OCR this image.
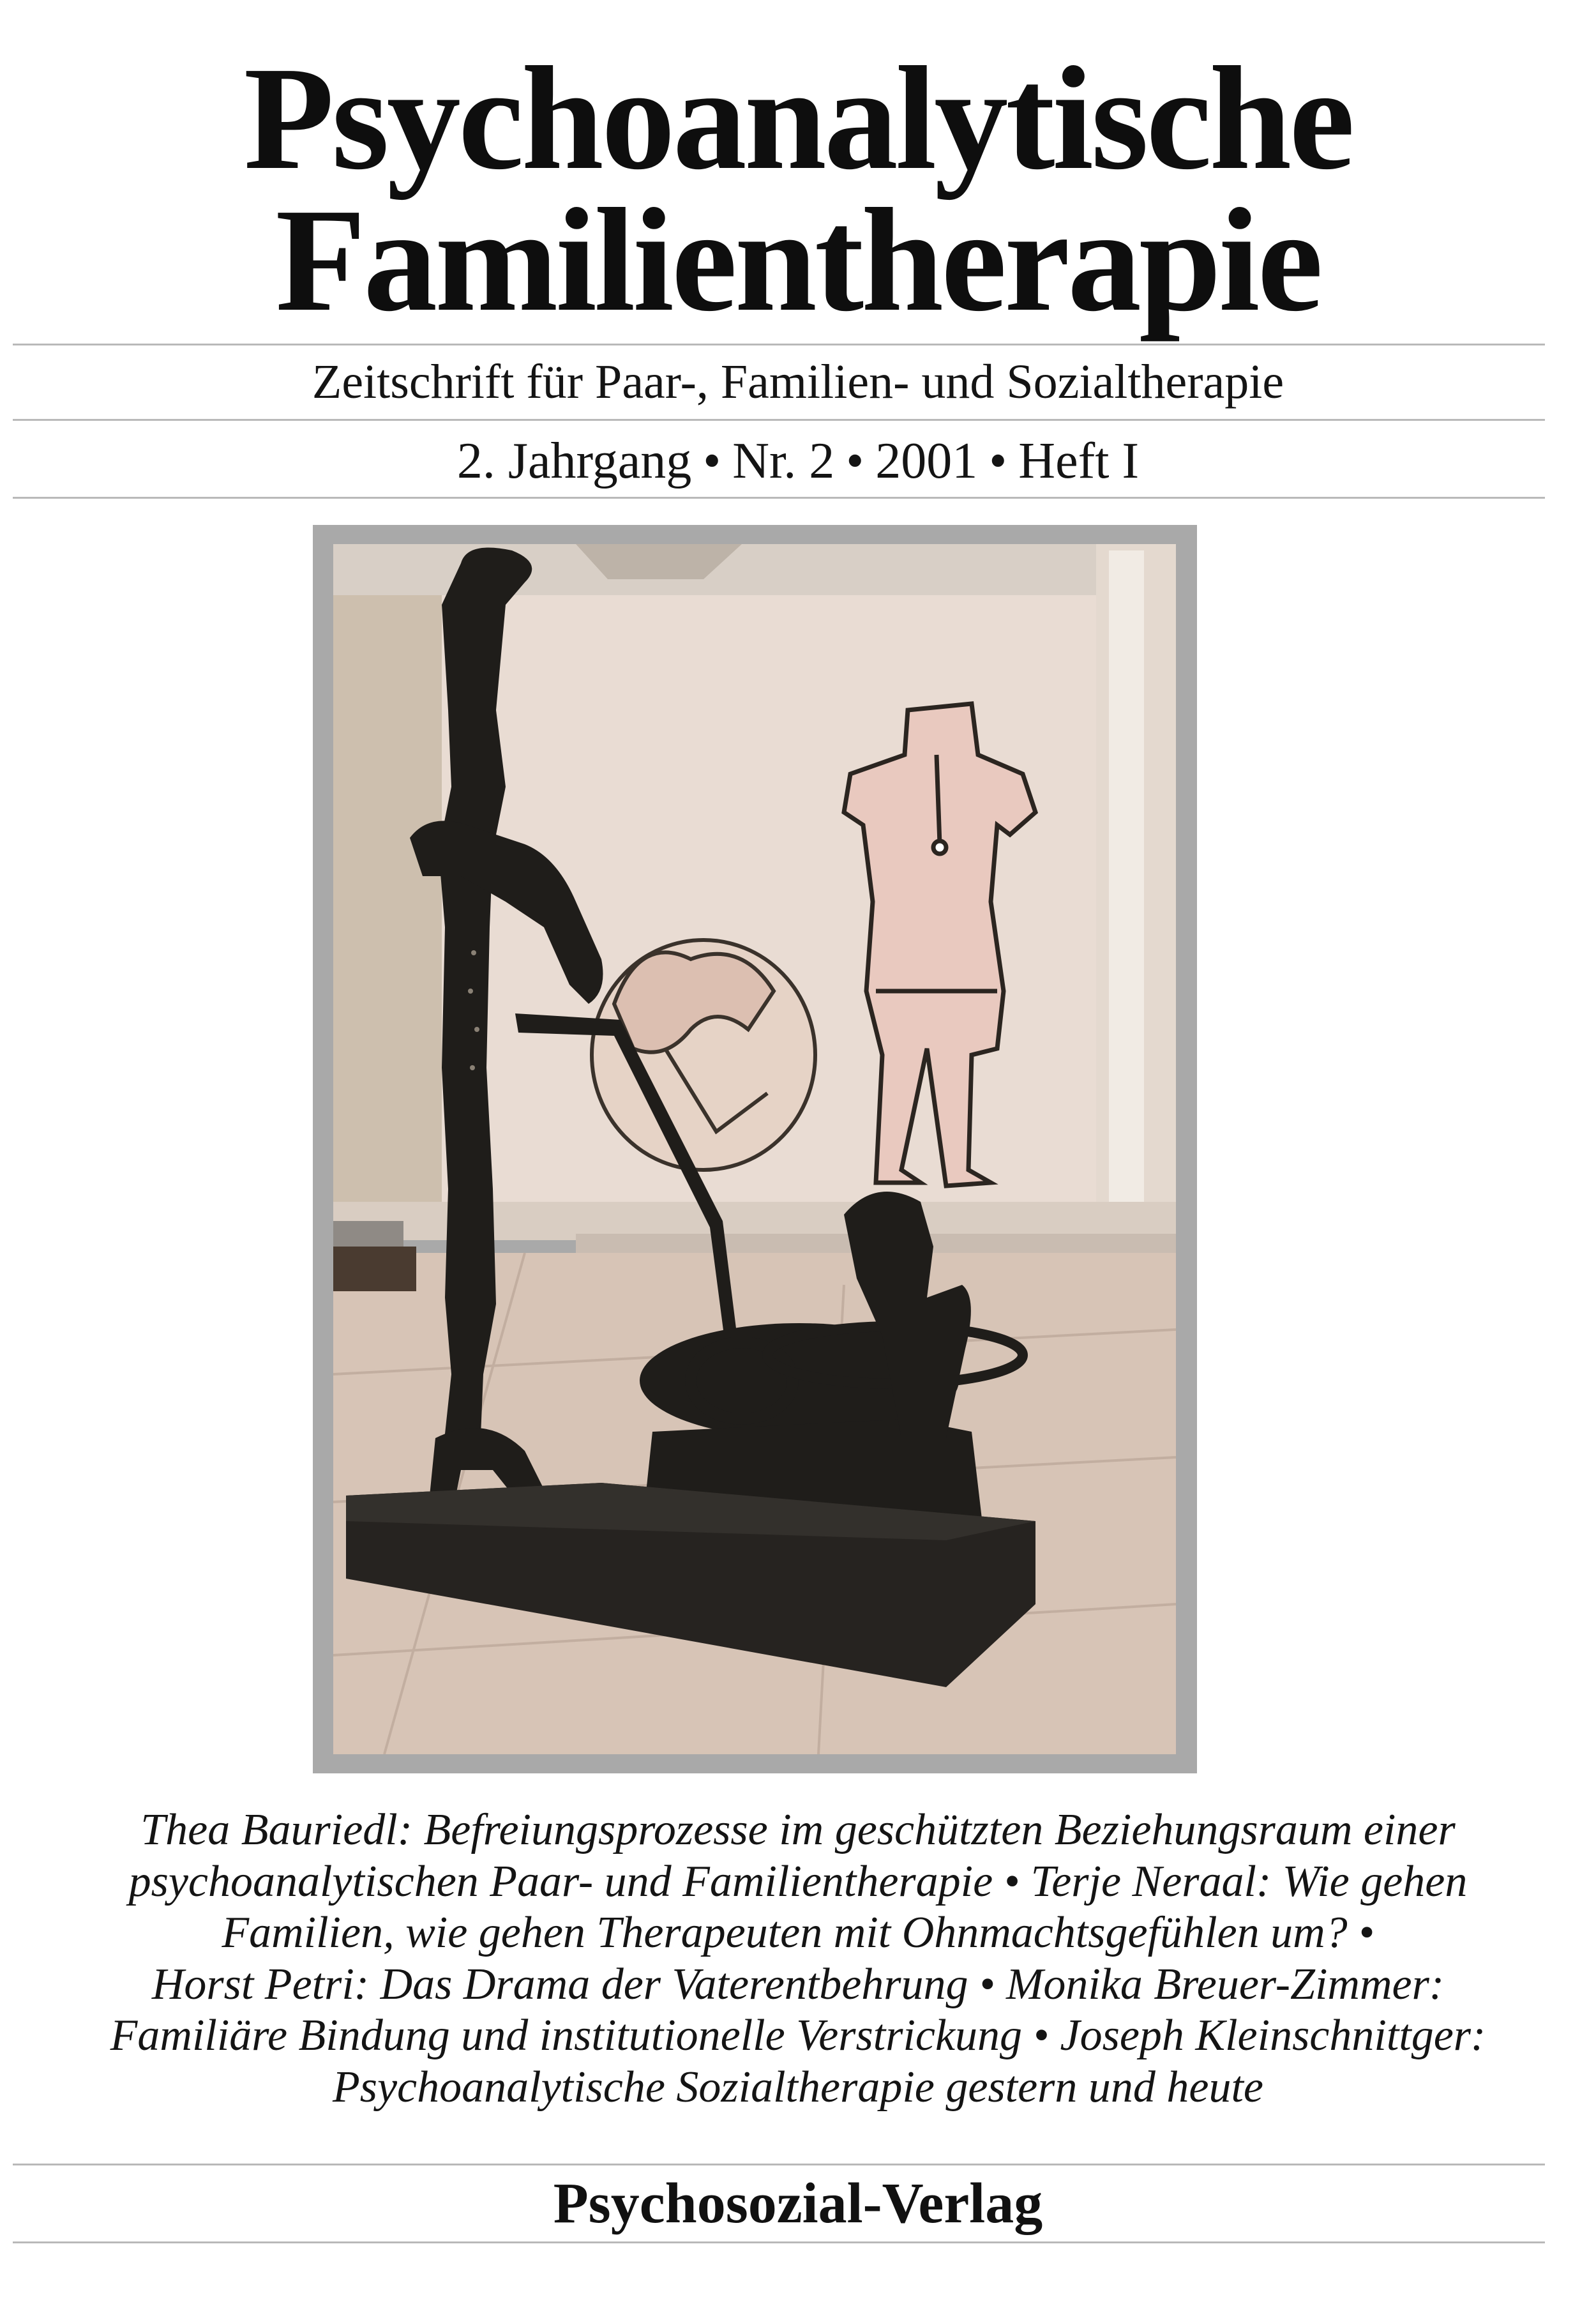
Psychoanalytische
Familientherapie
Zeitschrift für Paar-, Familien- und Sozialtherapie
2. Jahrgang • Nr. 2 • 2001 • Heft I
Thea Bauriedl: Befreiungsprozesse im geschützten Beziehungsraum einer
psychoanalytischen Paar- und Familientherapie • Terje Neraal: Wie gehen
Familien, wie gehen Therapeuten mit Ohnmachtsgefühlen um? •
Horst Petri: Das Drama der Vaterentbehrung • Monika Breuer-Zimmer:
Familiäre Bindung und institutionelle Verstrickung • Joseph Kleinschnittger:
Psychoanalytische Sozialtherapie gestern und heute
Psychosozial-Verlag
